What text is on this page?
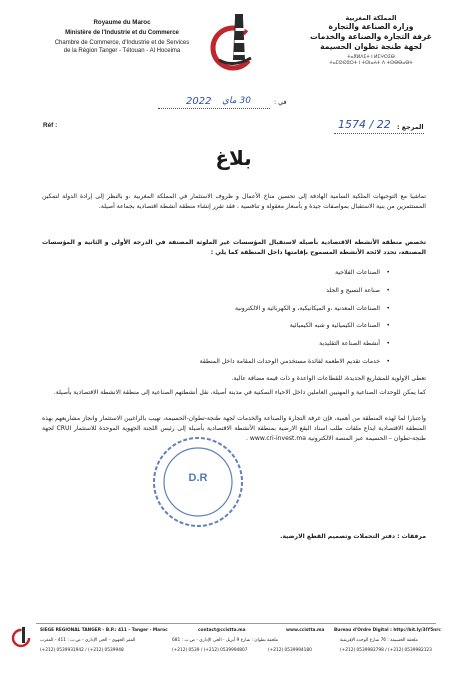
Royaume du Maroc
Ministère de l'Industrie et du Commerce
Chambre de Commerce, d'Industrie et de Services
de la Région Tanger - Tétouan - Al Hoceima
المملكة المغربية
وزارة الصناعة والتجارة
غرفة التجارة والصناعة والخدمات
لجهة طنجة تطوان الحسيمة
ⵜⴰⴳⵍⴷⵉⵜ ⵏ ⵍⵎⵖⵔⵉⴱ
ⵜⴰⵎⵙⵙⵓⵔⵜ ⵏ ⵜⵙⵏⴰⵄⵜ ⴷ ⵜⵙⴱⴱⴰⴱⵜ
في :
2022 30 ماي
Réf :	1574 / 22 المرجع :
بلاغ
تماشيا مع التوجيهات الملكية السامية الهادفة إلى تحسين مناخ الأعمال و ظروف الاستثمار في المملكة المغربية ،و بالنظر إلى إرادة الدولة لتمكين المستثمرين من بنية الاستقبال بمواصفات جيدة و بأسعار معقولة و تنافسية ، فقد تقرر إنشاء منطقة أنشطة اقتصادية بجماعة أصيلة.
تخصص منطقة الأنشطة الاقتصادية بأصيلة لاستقبال المؤسسات غير الملوثة المصنفة في الدرجة الأولى و الثانية و المؤسسات المصنفة، تحدد لائحة الأنشطة المسموح بإقامتها داخل المنطقة كما يلي :
•
الصناعات الفلاحية
•
صناعة النسيج و الجلد
•
الصناعات المعدنية ،و الميكانيكية، و الكهربائية و الالكترونية
•
الصناعات الكيميائية و شبه الكيميائية
•
أنشطة الصناعة التقليدية
•
خدمات تقديم الاطعمة لفائدة مستخدمي الوحدات المقامة داخل المنطقة
تعطى الاولوية للمشاريع الجديدة، للقطاعات الواعدة و ذات قيمة مضافة عالية.
كما يمكن للوحدات الصناعية و المهنيين العاملين داخل الاحياء السكنية في مدينة أصيلة، نقل أنشطتهم الصناعية إلى منطقة الانشطة الاقتصادية بأصيلة.
واعتبارا لما لهذه المنطقة من أهمية، فإن غرفة التجارة والصناعة والخدمات لجهة طنجة-تطوان-الحسيمة، تهيب بالراغبين الاستثمار وانجاز مشاريعهم بهذه المنطقة الاقتصادية ايداع ملفات طلب اسناد البقع الارضية بمنطقة الأنشطة الاقتصادية بأصيلة إلى رئيس اللجنة الجهوية الموحدة للاستثمار CRUI لجهة طنجة-تطوان – الحسيمة عبر المنصة الالكترونية www.cri-invest.ma .
D.R
مرفقات : دفتر التحملات وتصميم القطع الارضية.
SIEGE REGIONAL TANGER - B.P.: 411 - Tanger - Maroc	contact@ccisttа.ma	www.ccistta.ma Bureau d'Ordre Digital : http://bit.ly/3IY5nrc
المقر الجهوي - الحي الإداري - ص.ب : 411 - المغرب	ملحقة تطوان : شارع 9 أبريل - الحي الإداري - ص.ب : 681	ملحقة الحسيمة : 76 شارع الوحدة الإفريقية
(+212) 0539931942 / (+212) 0539948	(+212) 0539 / (+212) 0539994807	(+212) 0539994180	(+212) 0539983798 / (+212) 0539982123
